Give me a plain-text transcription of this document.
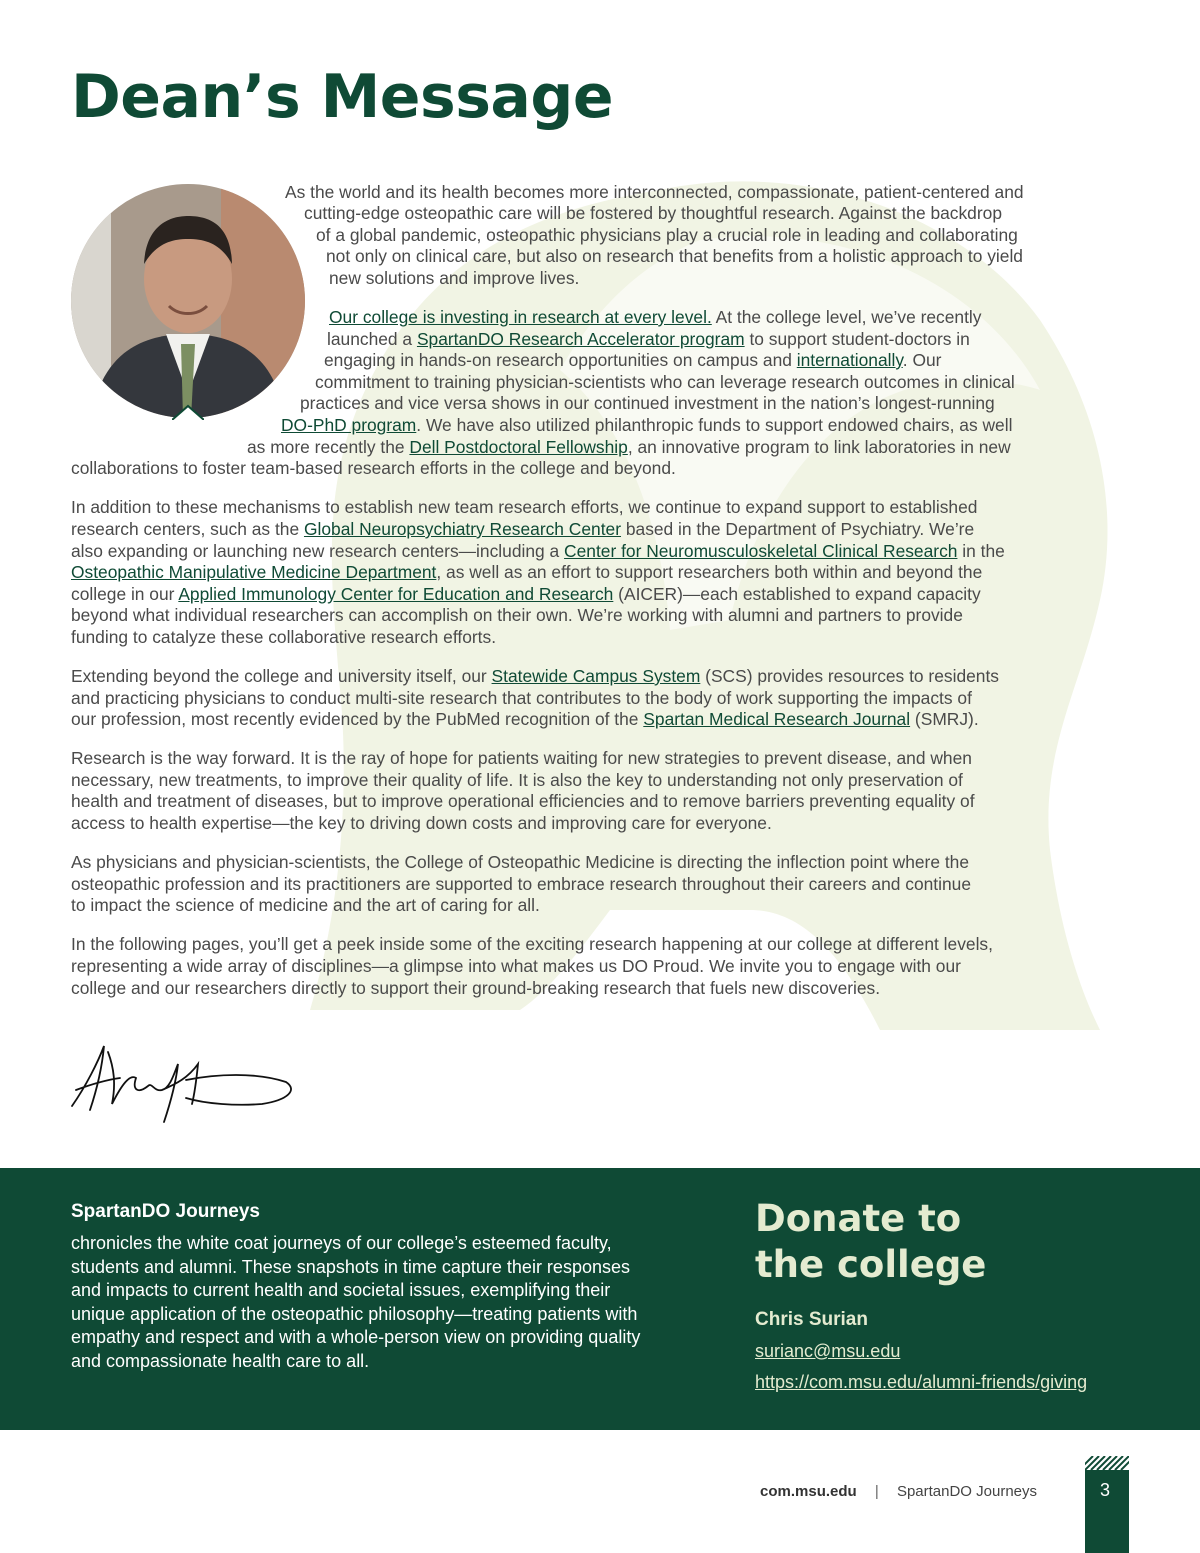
Dean’s Message
As the world and its health becomes more interconnected, compassionate, patient-centered and
cutting-edge osteopathic care will be fostered by thoughtful research. Against the backdrop
of a global pandemic, osteopathic physicians play a crucial role in leading and collaborating
not only on clinical care, but also on research that benefits from a holistic approach to yield
new solutions and improve lives.
Our college is investing in research at every level. At the college level, we’ve recently
launched a SpartanDO Research Accelerator program to support student-doctors in
engaging in hands-on research opportunities on campus and internationally. Our
commitment to training physician-scientists who can leverage research outcomes in clinical
practices and vice versa shows in our continued investment in the nation’s longest-running
DO-PhD program. We have also utilized philanthropic funds to support endowed chairs, as well
as more recently the Dell Postdoctoral Fellowship, an innovative program to link laboratories in new
collaborations to foster team-based research efforts in the college and beyond.
In addition to these mechanisms to establish new team research efforts, we continue to expand support to established
research centers, such as the Global Neuropsychiatry Research Center based in the Department of Psychiatry. We’re
also expanding or launching new research centers—including a Center for Neuromusculoskeletal Clinical Research in the
Osteopathic Manipulative Medicine Department, as well as an effort to support researchers both within and beyond the
college in our Applied Immunology Center for Education and Research (AICER)—each established to expand capacity
beyond what individual researchers can accomplish on their own. We’re working with alumni and partners to provide
funding to catalyze these collaborative research efforts.
Extending beyond the college and university itself, our Statewide Campus System (SCS) provides resources to residents
and practicing physicians to conduct multi-site research that contributes to the body of work supporting the impacts of
our profession, most recently evidenced by the PubMed recognition of the Spartan Medical Research Journal (SMRJ).
Research is the way forward. It is the ray of hope for patients waiting for new strategies to prevent disease, and when
necessary, new treatments, to improve their quality of life. It is also the key to understanding not only preservation of
health and treatment of diseases, but to improve operational efficiencies and to remove barriers preventing equality of
access to health expertise—the key to driving down costs and improving care for everyone.
As physicians and physician-scientists, the College of Osteopathic Medicine is directing the inflection point where the
osteopathic profession and its practitioners are supported to embrace research throughout their careers and continue
to impact the science of medicine and the art of caring for all.
In the following pages, you’ll get a peek inside some of the exciting research happening at our college at different levels,
representing a wide array of disciplines—a glimpse into what makes us DO Proud. We invite you to engage with our
college and our researchers directly to support their ground-breaking research that fuels new discoveries.
SpartanDO Journeys
chronicles the white coat journeys of our college’s esteemed faculty, students and alumni. These snapshots in time capture their responses and impacts to current health and societal issues, exemplifying their unique application of the osteopathic philosophy—treating patients with empathy and respect and with a whole-person view on providing quality and compassionate health care to all.
Donate to
the college
Chris Surian
surianc@msu.edu
https://com.msu.edu/alumni-friends/giving
com.msu.edu | SpartanDO Journeys	3
